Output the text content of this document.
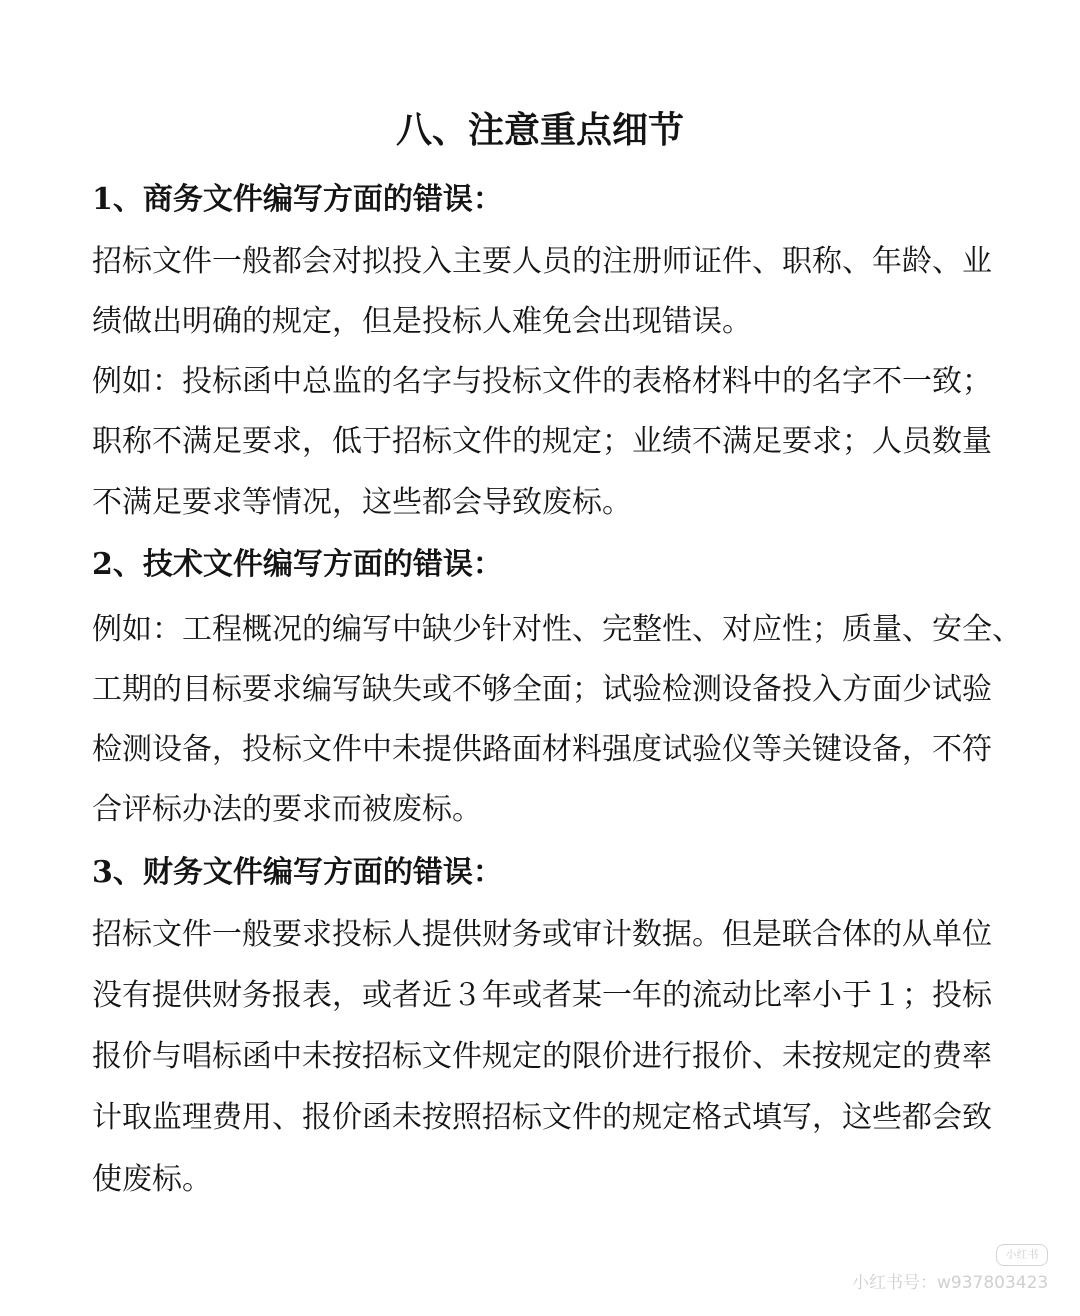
八、注意重点细节
1、商务文件编写方面的错误：
招标文件一般都会对拟投入主要人员的注册师证件、职称、年龄、业
绩做出明确的规定，但是投标人难免会出现错误。
例如：投标函中总监的名字与投标文件的表格材料中的名字不一致；
职称不满足要求，低于招标文件的规定；业绩不满足要求；人员数量
不满足要求等情况，这些都会导致废标。
2、技术文件编写方面的错误：
例如：工程概况的编写中缺少针对性、完整性、对应性；质量、安全、
工期的目标要求编写缺失或不够全面；试验检测设备投入方面少试验
检测设备，投标文件中未提供路面材料强度试验仪等关键设备，不符
合评标办法的要求而被废标。
3、财务文件编写方面的错误：
招标文件一般要求投标人提供财务或审计数据。但是联合体的从单位
没有提供财务报表，或者近３年或者某一年的流动比率小于１；投标
报价与唱标函中未按招标文件规定的限价进行报价、未按规定的费率
计取监理费用、报价函未按照招标文件的规定格式填写，这些都会致
使废标。
小红书
小红书号：w937803423
